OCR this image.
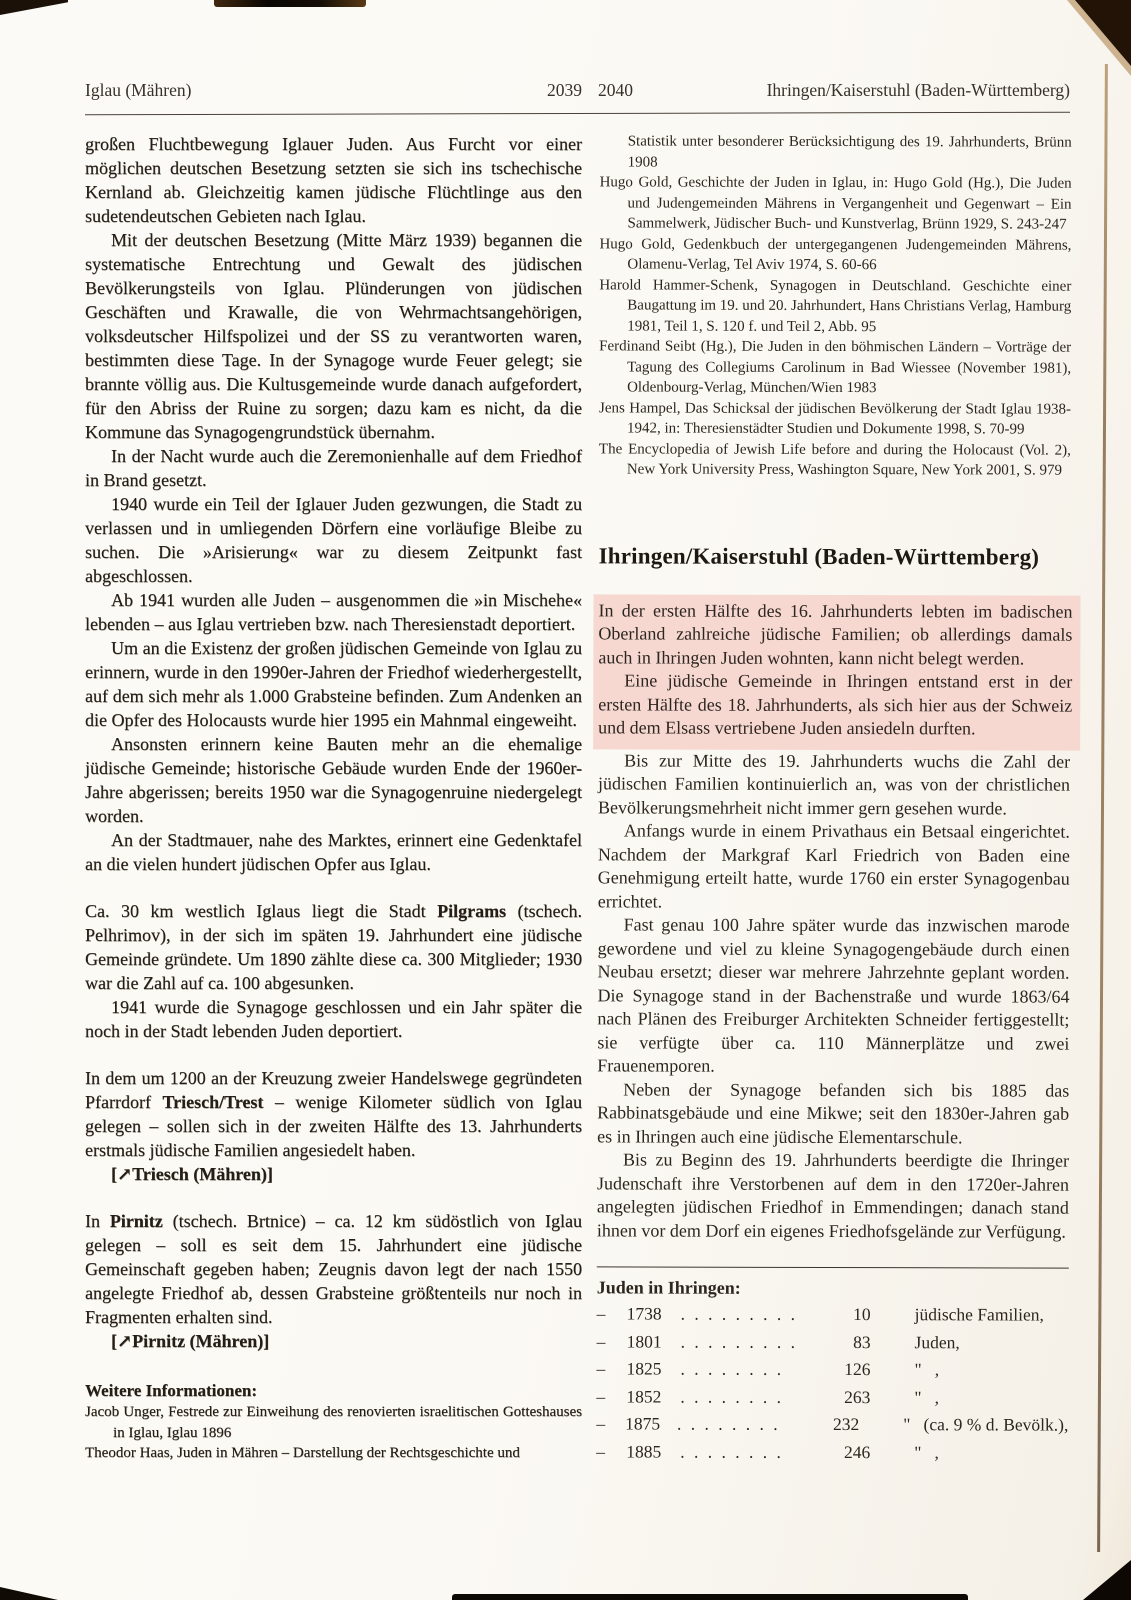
Iglau (Mähren)	2039 2040	Ihringen/Kaiserstuhl (Baden-Württemberg)

großen Fluchtbewegung Iglauer Juden. Aus Furcht vor einer möglichen deutschen Besetzung setzten sie sich ins tschechische Kernland ab. Gleichzeitig kamen jüdische Flüchtlinge aus den sudetendeutschen Gebieten nach Iglau.

Mit der deutschen Besetzung (Mitte März 1939) begannen die systematische Entrechtung und Gewalt des jüdischen Bevölkerungsteils von Iglau. Plünderungen von jüdischen Geschäften und Krawalle, die von Wehrmachtsangehörigen, volksdeutscher Hilfspolizei und der SS zu verantworten waren, bestimmten diese Tage. In der Synagoge wurde Feuer gelegt; sie brannte völlig aus. Die Kultusgemeinde wurde danach aufgefordert, für den Abriss der Ruine zu sorgen; dazu kam es nicht, da die Kommune das Synagogengrundstück übernahm.

In der Nacht wurde auch die Zeremonienhalle auf dem Friedhof in Brand gesetzt.

1940 wurde ein Teil der Iglauer Juden gezwungen, die Stadt zu verlassen und in umliegenden Dörfern eine vorläufige Bleibe zu suchen. Die »Arisierung« war zu diesem Zeitpunkt fast abgeschlossen.

Ab 1941 wurden alle Juden – ausgenommen die »in Mischehe« lebenden – aus Iglau vertrieben bzw. nach Theresienstadt deportiert.

Um an die Existenz der großen jüdischen Gemeinde von Iglau zu erinnern, wurde in den 1990er-Jahren der Friedhof wiederhergestellt, auf dem sich mehr als 1.000 Grabsteine befinden. Zum Andenken an die Opfer des Holocausts wurde hier 1995 ein Mahnmal eingeweiht.

Ansonsten erinnern keine Bauten mehr an die ehemalige jüdische Gemeinde; historische Gebäude wurden Ende der 1960er-Jahre abgerissen; bereits 1950 war die Synagogenruine niedergelegt worden.

An der Stadtmauer, nahe des Marktes, erinnert eine Gedenktafel an die vielen hundert jüdischen Opfer aus Iglau.

Ca. 30 km westlich Iglaus liegt die Stadt Pilgrams (tschech. Pelhrimov), in der sich im späten 19. Jahrhundert eine jüdische Gemeinde gründete. Um 1890 zählte diese ca. 300 Mitglieder; 1930 war die Zahl auf ca. 100 abgesunken.

1941 wurde die Synagoge geschlossen und ein Jahr später die noch in der Stadt lebenden Juden deportiert.

In dem um 1200 an der Kreuzung zweier Handelswege gegründeten Pfarrdorf Triesch/Trest – wenige Kilometer südlich von Iglau gelegen – sollen sich in der zweiten Hälfte des 13. Jahrhunderts erstmals jüdische Familien angesiedelt haben.

[↗Triesch (Mähren)]

In Pirnitz (tschech. Brtnice) – ca. 12 km südöstlich von Iglau gelegen – soll es seit dem 15. Jahrhundert eine jüdische Gemeinschaft gegeben haben; Zeugnis davon legt der nach 1550 angelegte Friedhof ab, dessen Grabsteine größtenteils nur noch in Fragmenten erhalten sind.

[↗Pirnitz (Mähren)]

Weitere Informationen:

Jacob Unger, Festrede zur Einweihung des renovierten israelitischen Gotteshauses in Iglau, Iglau 1896

Theodor Haas, Juden in Mähren – Darstellung der Rechtsgeschichte und

Statistik unter besonderer Berücksichtigung des 19. Jahrhunderts, Brünn 1908

Hugo Gold, Geschichte der Juden in Iglau, in: Hugo Gold (Hg.), Die Juden und Judengemeinden Mährens in Vergangenheit und Gegenwart – Ein Sammelwerk, Jüdischer Buch- und Kunstverlag, Brünn 1929, S. 243-247

Hugo Gold, Gedenkbuch der untergegangenen Judengemeinden Mährens, Olamenu-Verlag, Tel Aviv 1974, S. 60-66

Harold Hammer-Schenk, Synagogen in Deutschland. Geschichte einer Baugattung im 19. und 20. Jahrhundert, Hans Christians Verlag, Hamburg 1981, Teil 1, S. 120 f. und Teil 2, Abb. 95

Ferdinand Seibt (Hg.), Die Juden in den böhmischen Ländern – Vorträge der Tagung des Collegiums Carolinum in Bad Wiessee (November 1981), Oldenbourg-Verlag, München/Wien 1983

Jens Hampel, Das Schicksal der jüdischen Bevölkerung der Stadt Iglau 1938-1942, in: Theresienstädter Studien und Dokumente 1998, S. 70-99

The Encyclopedia of Jewish Life before and during the Holocaust (Vol. 2), New York University Press, Washington Square, New York 2001, S. 979

Ihringen/Kaiserstuhl (Baden-Württemberg)

In der ersten Hälfte des 16. Jahrhunderts lebten im badischen Oberland zahlreiche jüdische Familien; ob allerdings damals auch in Ihringen Juden wohnten, kann nicht belegt werden.

Eine jüdische Gemeinde in Ihringen entstand erst in der ersten Hälfte des 18. Jahrhunderts, als sich hier aus der Schweiz und dem Elsass vertriebene Juden ansiedeln durften.

Bis zur Mitte des 19. Jahrhunderts wuchs die Zahl der jüdischen Familien kontinuierlich an, was von der christlichen Bevölkerungsmehrheit nicht immer gern gesehen wurde.

Anfangs wurde in einem Privathaus ein Betsaal eingerichtet. Nachdem der Markgraf Karl Friedrich von Baden eine Genehmigung erteilt hatte, wurde 1760 ein erster Synagogenbau errichtet.

Fast genau 100 Jahre später wurde das inzwischen marode gewordene und viel zu kleine Synagogengebäude durch einen Neubau ersetzt; dieser war mehrere Jahrzehnte geplant worden. Die Synagoge stand in der Bachenstraße und wurde 1863/64 nach Plänen des Freiburger Architekten Schneider fertiggestellt; sie verfügte über ca. 110 Männerplätze und zwei Frauenemporen.

Neben der Synagoge befanden sich bis 1885 das Rabbinatsgebäude und eine Mikwe; seit den 1830er-Jahren gab es in Ihringen auch eine jüdische Elementarschule.

Bis zu Beginn des 19. Jahrhunderts beerdigte die Ihringer Judenschaft ihre Verstorbenen auf dem in den 1720er-Jahren angelegten jüdischen Friedhof in Emmendingen; danach stand ihnen vor dem Dorf ein eigenes Friedhofsgelände zur Verfügung.

Juden in Ihringen:

–	1738	. . . . . . . . .	10	jüdische Familien,
–	1801	. . . . . . . . .	83	Juden,
–	1825	. . . . . . . .	126	"   ,
–	1852	. . . . . . . .	263	"   ,
–	1875 . . . . . . . .	232	"   (ca. 9 % d. Bevölk.),
–	1885	. . . . . . . .	246	"   ,
